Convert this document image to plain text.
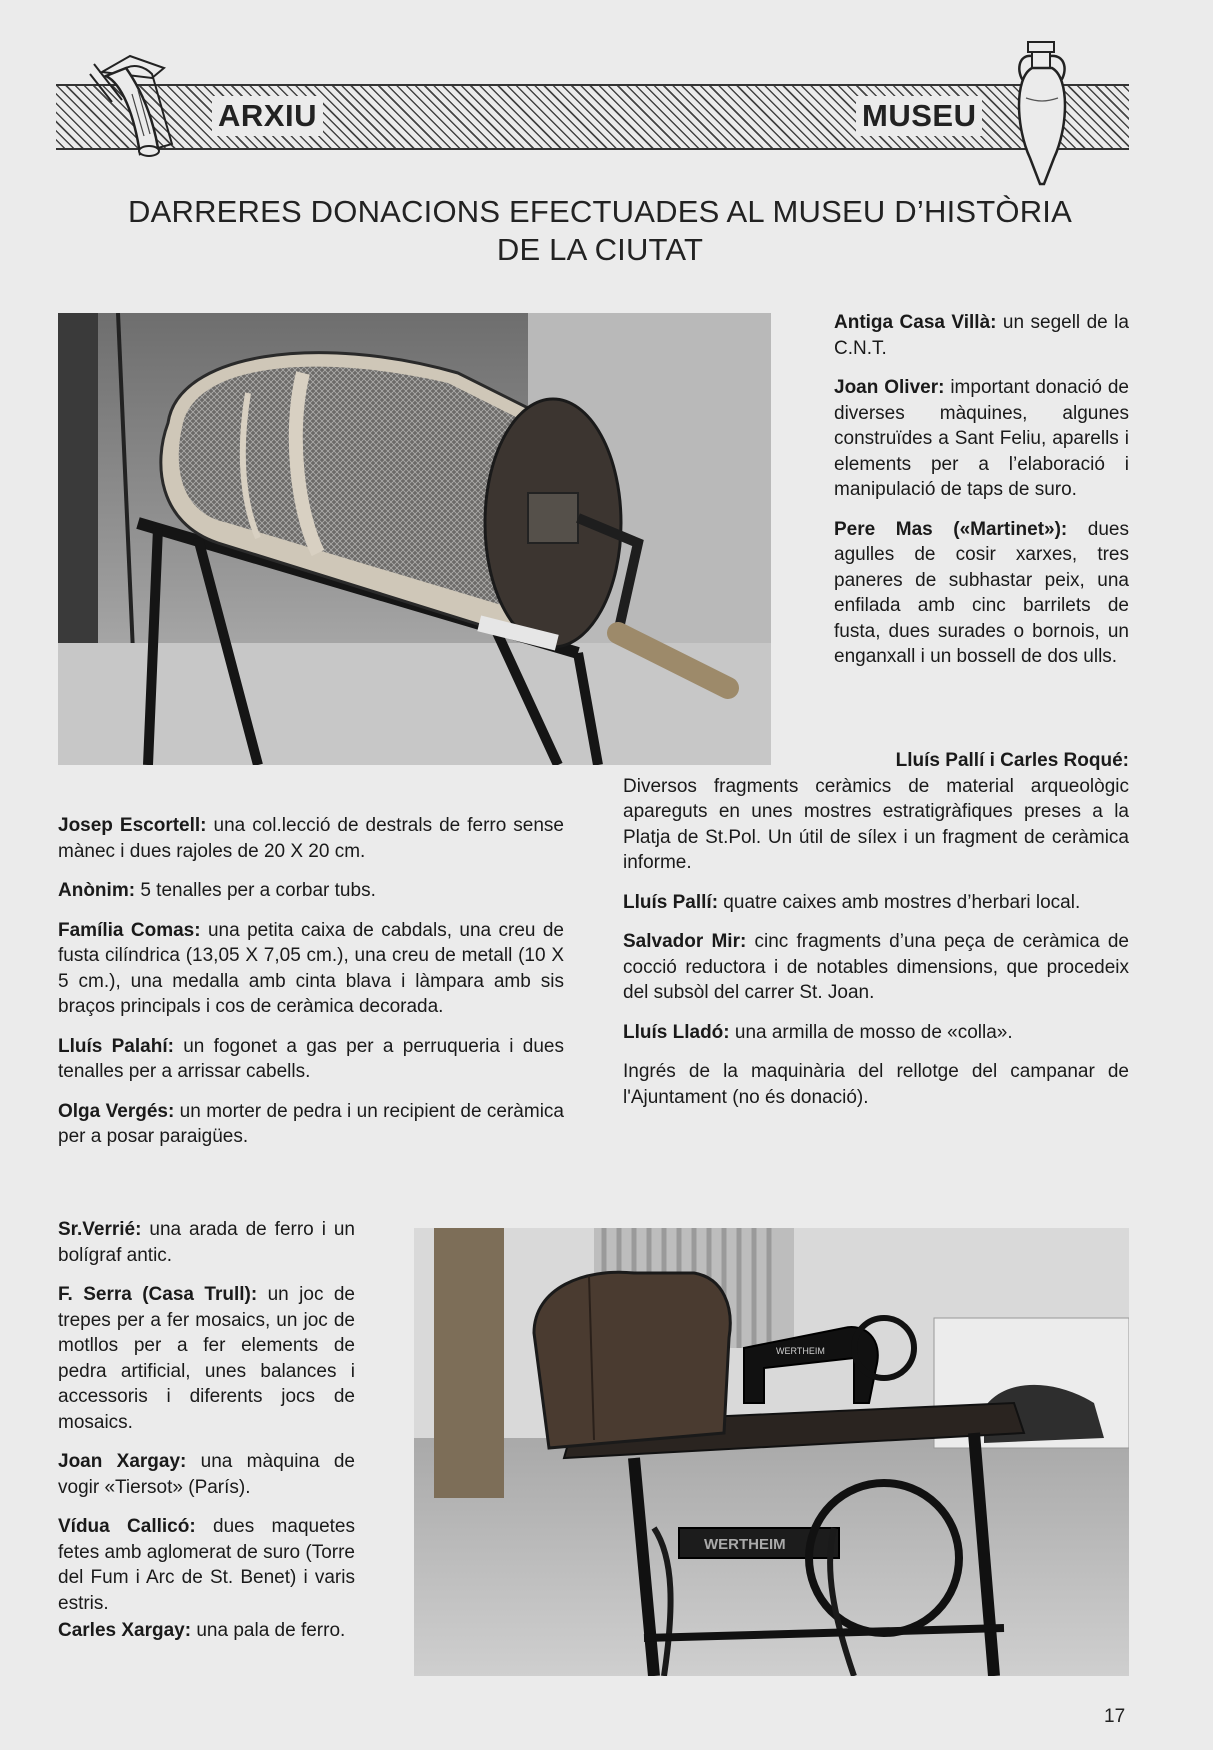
ARXIU	MUSEU
DARRERES DONACIONS EFECTUADES AL MUSEU D’HISTÒRIA
DE LA CIUTAT

Antiga Casa Villà: un segell de la C.N.T.

Joan Oliver: important donació de diverses màquines, algunes construïdes a Sant Feliu, aparells i elements per a l’elaboració i manipulació de taps de suro.

Pere Mas («Martinet»): dues agulles de cosir xarxes, tres paneres de subhastar peix, una enfilada amb cinc barrilets de fusta, dues surades o bornois, un enganxall i un bossell de dos ulls.

Lluís Pallí i Carles Roqué:
Diversos fragments ceràmics de material arqueològic apareguts en unes mostres estratigràfiques preses a la Platja de St.Pol. Un útil de sílex i un fragment de ceràmica informe.

Lluís Pallí: quatre caixes amb mostres d’herbari local.

Salvador Mir: cinc fragments d’una peça de ceràmica de cocció reductora i de notables dimensions, que procedeix del subsòl del carrer St. Joan.

Lluís Lladó: una armilla de mosso de «colla».

Ingrés de la maquinària del rellotge del campanar de l'Ajuntament (no és donació).

Josep Escortell: una col.lecció de destrals de ferro sense mànec i dues rajoles de 20 X 20 cm.

Anònim: 5 tenalles per a corbar tubs.

Família Comas: una petita caixa de cabdals, una creu de fusta cilíndrica (13,05 X 7,05 cm.), una creu de metall (10 X 5 cm.), una medalla amb cinta blava i làmpara amb sis braços principals i cos de ceràmica decorada.

Lluís Palahí: un fogonet a gas per a perruqueria i dues tenalles per a arrissar cabells.

Olga Vergés: un morter de pedra i un recipient de ceràmica per a posar paraigües.

Sr.Verrié: una arada de ferro i un bolígraf antic.

F. Serra (Casa Trull): un joc de trepes per a fer mosaics, un joc de motllos per a fer elements de pedra artificial, unes balances i accessoris i diferents jocs de mosaics.

Joan Xargay: una màquina de vogir «Tiersot» (París).

Vídua Callicó: dues maquetes fetes amb aglomerat de suro (Torre del Fum i Arc de St. Benet) i varis estris.

Carles Xargay: una pala de ferro.

WERTHEIM
WERTHEIM
17
